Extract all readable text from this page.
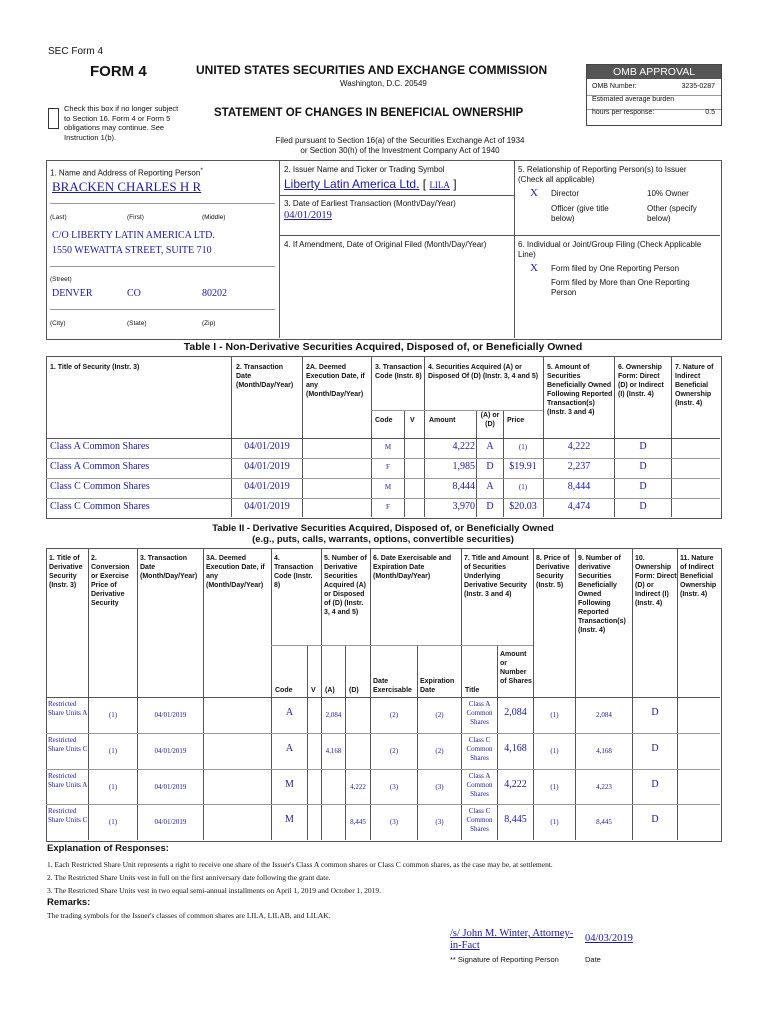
SEC Form 4
FORM 4	UNITED STATES SECURITIES AND EXCHANGE COMMISSION
Washington, D.C. 20549
Check this box if no longer subject to Section 16. Form 4 or Form 5 obligations may continue. See Instruction 1(b).
STATEMENT OF CHANGES IN BENEFICIAL OWNERSHIP
Filed pursuant to Section 16(a) of the Securities Exchange Act of 1934
or Section 30(h) of the Investment Company Act of 1940
OMB APPROVAL
OMB Number:	3235-0287
Estimated average burden
hours per response:	0.5
1. Name and Address of Reporting Person*
BRACKEN CHARLES H R
(Last)	(First)	(Middle)
C/O LIBERTY LATIN AMERICA LTD.
1550 WEWATTA STREET, SUITE 710
(Street)
DENVER	CO	80202
(City)	(State)	(Zip)
2. Issuer Name and Ticker or Trading Symbol
Liberty Latin America Ltd. [ LILA ]
3. Date of Earliest Transaction (Month/Day/Year)
04/01/2019
4. If Amendment, Date of Original Filed (Month/Day/Year)
5. Relationship of Reporting Person(s) to Issuer
(Check all applicable)
X Director	10% Owner
Officer (give title below)
Other (specify below)
6. Individual or Joint/Group Filing (Check Applicable Line)
X Form filed by One Reporting Person
Form filed by More than One Reporting Person
Table I - Non-Derivative Securities Acquired, Disposed of, or Beneficially Owned
1. Title of Security (Instr. 3)	2. Transaction Date (Month/Day/Year)
2A. Deemed Execution Date, if any (Month/Day/Year)
3. Transaction Code (Instr. 8)
4. Securities Acquired (A) or Disposed Of (D) (Instr. 3, 4 and 5)
5. Amount of Securities Beneficially Owned Following Reported Transaction(s) (Instr. 3 and 4)
6. Ownership Form: Direct (D) or Indirect (I) (Instr. 4)
7. Nature of Indirect Beneficial Ownership (Instr. 4)
Code	V Amount
(A) or (D)
Price
Class A Common Shares	04/01/2019	M	4,222	A	(1)	4,222	D
Class A Common Shares	04/01/2019	F	1,985	D	$19.91	2,237	D
Class C Common Shares	04/01/2019	M	8,444	A	(1)	8,444	D
Class C Common Shares	04/01/2019	F	3,970	D	$20.03	4,474	D
Table II - Derivative Securities Acquired, Disposed of, or Beneficially Owned
(e.g., puts, calls, warrants, options, convertible securities)
1. Title of Derivative Security (Instr. 3)
2. Conversion or Exercise Price of Derivative Security
3. Transaction Date (Month/Day/Year)
3A. Deemed Execution Date, if any (Month/Day/Year)
4. Transaction Code (Instr. 8)
5. Number of Derivative Securities Acquired (A) or Disposed of (D) (Instr. 3, 4 and 5)
6. Date Exercisable and Expiration Date (Month/Day/Year)
7. Title and Amount of Securities Underlying Derivative Security (Instr. 3 and 4)
8. Price of Derivative Security (Instr. 5)
9. Number of derivative Securities Beneficially Owned Following Reported Transaction(s) (Instr. 4)
10. Ownership Form: Direct (D) or Indirect (I) (Instr. 4)
11. Nature of Indirect Beneficial Ownership (Instr. 4)
Code	V (A) (D)
Date Exercisable
Expiration Date	Title
Amount or Number of Shares
Restricted Share Units A	(1)	04/01/2019	A	2,084	(2)	(2)
Class A Common Shares
2,084	(1)	2,084	D
Restricted Share Units C	(1)	04/01/2019	A	4,168	(2)	(2)
Class C Common Shares
4,168	(1)	4,168	D
Restricted Share Units A	(1)	04/01/2019	M	4,222	(3)	(3)
Class A Common Shares
4,222	(1)	4,223	D
Restricted Share Units C	(1)	04/01/2019	M	8,445	(3)	(3)
Class C Common Shares
8,445	(1)	8,445	D
Explanation of Responses:
1. Each Restricted Share Unit represents a right to receive one share of the Issuer's Class A common shares or Class C common shares, as the case may be, at settlement.
2. The Restricted Share Units vest in full on the first anniversary date following the grant date.
3. The Restricted Share Units vest in two equal semi-annual installments on April 1, 2019 and October 1, 2019.
Remarks:
The trading symbols for the Issuer's classes of common shares are LILA, LILAB, and LILAK.
/s/ John M. Winter, Attorney-
in-Fact
04/03/2019
** Signature of Reporting Person	Date
